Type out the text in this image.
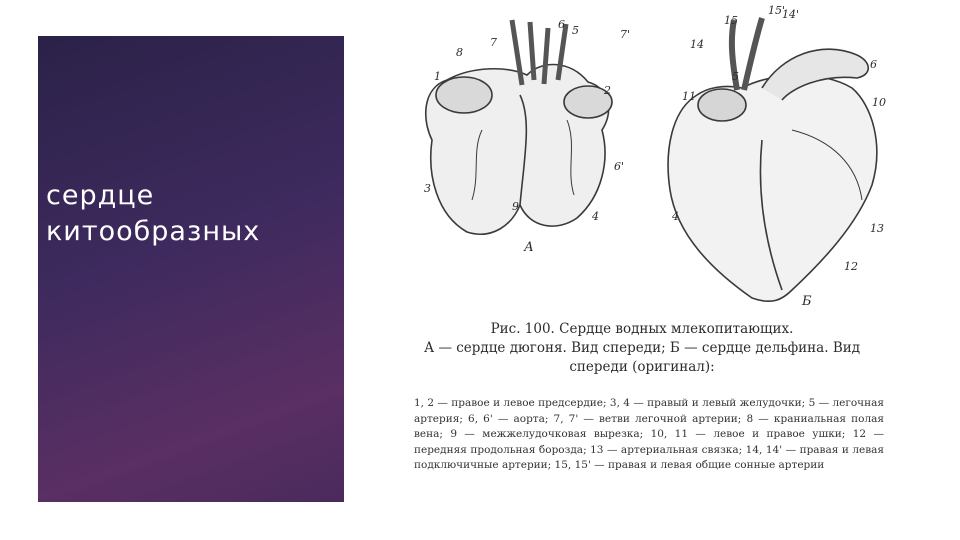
сердце
китообразных
А
Б
Рис. 100. Сердце водных млекопитающих.
А — сердце дюгоня. Вид спереди; Б — сердце дельфина. Вид
спереди (оригинал):
1, 2 — правое и левое предсердие; 3, 4 — правый и левый желудочки; 5 — легочная артерия; 6, 6' — аорта; 7, 7' — ветви легочной артерии; 8 — краниальная полая вена; 9 — межжелудочковая вырезка; 10, 11 — левое и правое ушки; 12 — передняя продольная борозда; 13 — артериальная связка; 14, 14' — правая и левая подключичные артерии; 15, 15' — правая и левая общие сонные артерии
1
2
3
4
5
6
6'
7
7'
8
9
4
5
6
10
11
12
13
14
14'
15
15'
